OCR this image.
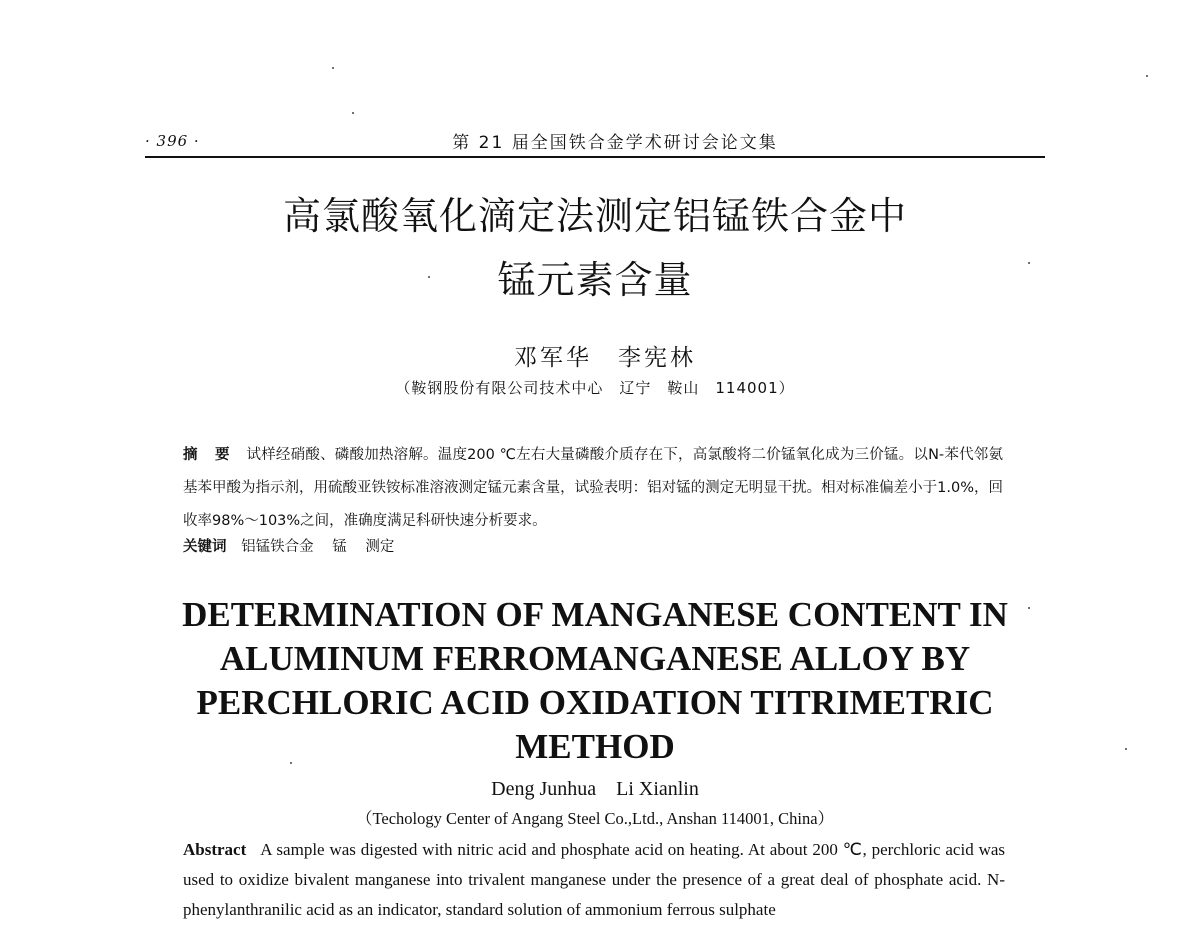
· 396 ·	第 21 届全国铁合金学术研讨会论文集
高氯酸氧化滴定法测定铝锰铁合金中
锰元素含量
邓军华　李宪林
（鞍钢股份有限公司技术中心　辽宁　鞍山　114001）
摘 要 试样经硝酸、磷酸加热溶解。温度200 ℃左右大量磷酸介质存在下，高氯酸将二价锰氧化成为三价锰。以N-苯代邻氨基苯甲酸为指示剂，用硫酸亚铁铵标准溶液测定锰元素含量，试验表明：铝对锰的测定无明显干扰。相对标准偏差小于1.0%，回收率98%～103%之间，准确度满足科研快速分析要求。
关键词 铝锰铁合金 锰 测定
DETERMINATION OF MANGANESE CONTENT IN
ALUMINUM FERROMANGANESE ALLOY BY
PERCHLORIC ACID OXIDATION TITRIMETRIC
METHOD
Deng Junhua　Li Xianlin
（Techology Center of Angang Steel Co.,Ltd., Anshan 114001, China）
Abstract A sample was digested with nitric acid and phosphate acid on heating. At about 200 ℃, perchloric acid was used to oxidize bivalent manganese into trivalent manganese under the presence of a great deal of phosphate acid. N-phenylanthranilic acid as an indicator, standard solution of ammonium ferrous sulphate
